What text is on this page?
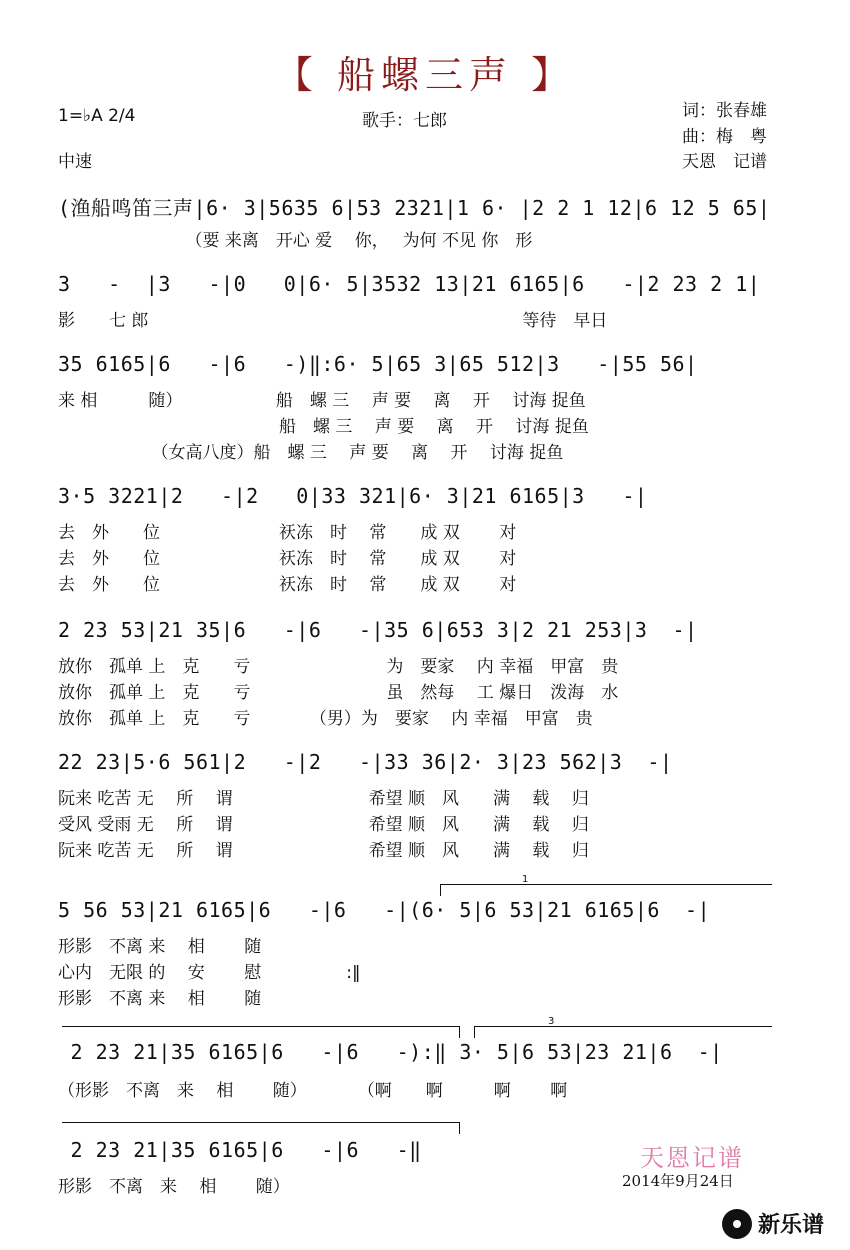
【 船螺三声 】
1=♭A 2/4	歌手：七郎	词：张春雄
曲：梅　粤
中速	天恩　记谱
(渔船鸣笛三声|6· 3|5635 6|53 2321|1 6· |2 2 1 12|6 12 5 65|
　　　　　　　　（要 来离　开心 爱　 你，　 为何 不见 你　形
3   -  |3   -|0   0|6· 5|3532 13|21 6165|6   -|2 23 2 1|
影　　七 郎　　　　　　　　　　　　　　　　　　　　　　等待　早日
35 6165|6   -|6   -)‖:6· 5|65 3|65 512|3   -|55 56|
来 相　　　随）　　　　　　船　螺 三　 声 要　 离　 开　 讨海 捉鱼
　　　　　　　　　　　　　船　螺 三　 声 要　 离　 开　 讨海 捉鱼
　　　　　　（女高八度）船　螺 三　 声 要　 离　 开　 讨海 捉鱼
3·5 3221|2   -|2   0|33 321|6· 3|21 6165|3   -|
去　外　　位　　　　　　　祆冻　时　 常　　成 双　　 对
去　外　　位　　　　　　　祆冻　时　 常　　成 双　　 对
去　外　　位　　　　　　　祆冻　时　 常　　成 双　　 对
2 23 53|21 35|6   -|6   -|35 6|653 3|2 21 253|3  -|
放你　孤单 上　克　　亏　　　　　　　　为　要家　 内 幸福　甲富　贵
放你　孤单 上　克　　亏　　　　　　　　虽　然每　 工 爆日　泼海　水
放你　孤单 上　克　　亏　　　　（男）为　要家　 内 幸福　甲富　贵
22 23|5·6 561|2   -|2   -|33 36|2· 3|23 562|3  -|
阮来 吃苦 无　 所　 谓　　　　　　　　希望 顺　风　　满　 载　 归
受风 受雨 无　 所　 谓　　　　　　　　希望 顺　风　　满　 载　 归
阮来 吃苦 无　 所　 谓　　　　　　　　希望 顺　风　　满　 载　 归
1
5 56 53|21 6165|6   -|6   -|(6· 5|6 53|21 6165|6  -|
形影　不离 来　 相　　 随
心内　无限 的　 安　　 慰　　　　　:‖
形影　不离 来　 相　　 随
3
2 23 21|35 6165|6   -|6   -):‖ 3· 5|6 53|23 21|6  -|
（形影　不离　来　 相　　 随）　　　　（啊　　啊　　　啊　　 啊
2 23 21|35 6165|6   -|6   -‖
形影　不离　来　 相　　 随）
天恩记谱
2014年9月24日
新乐谱
